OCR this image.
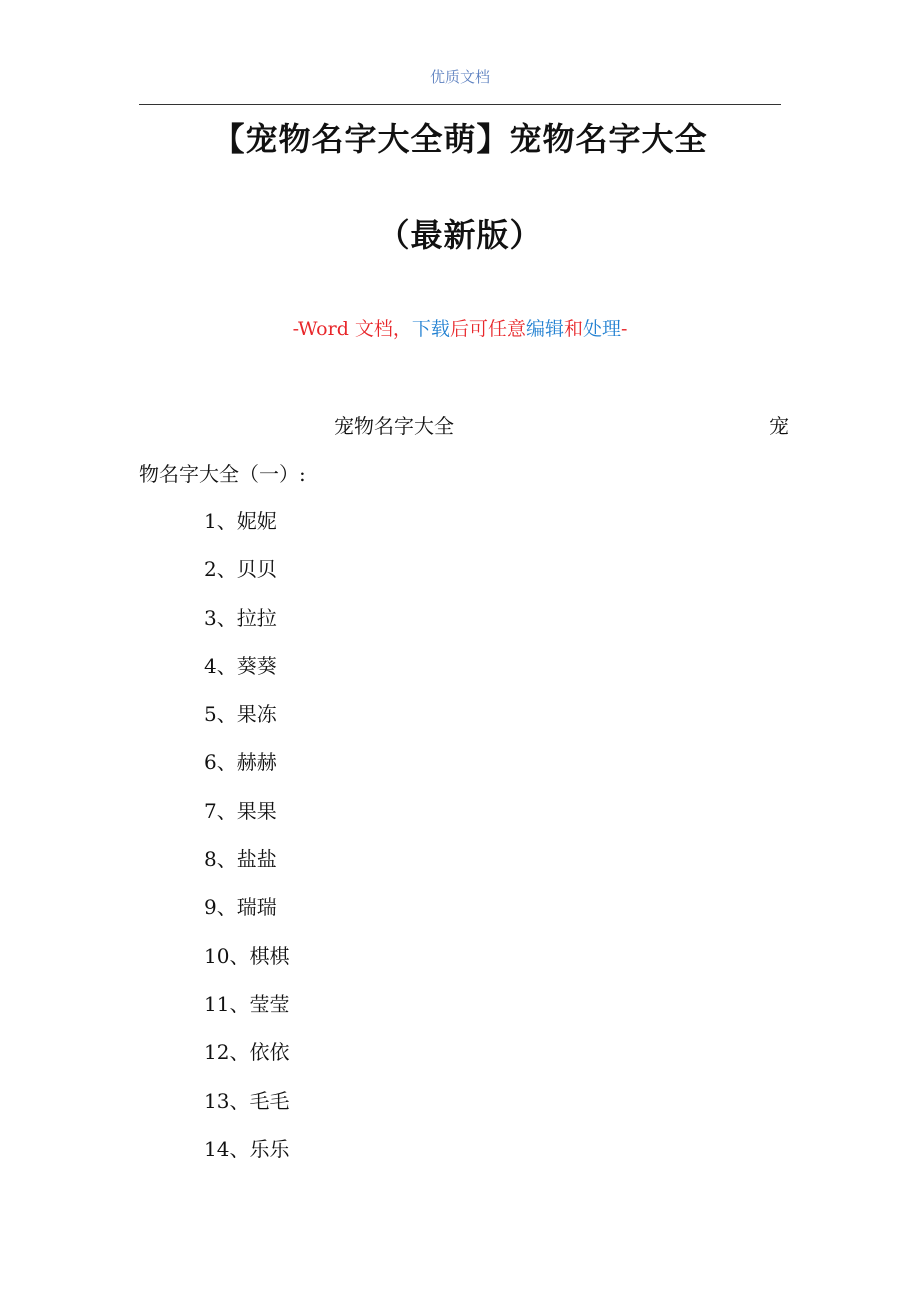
优质文档
【宠物名字大全萌】宠物名字大全
（最新版）
-Word 文档，下载后可任意编辑和处理-
宠物名字大全	宠
物名字大全（一）:
1、妮妮
2、贝贝
3、拉拉
4、葵葵
5、果冻
6、赫赫
7、果果
8、盐盐
9、瑞瑞
10、棋棋
11、莹莹
12、依依
13、毛毛
14、乐乐
